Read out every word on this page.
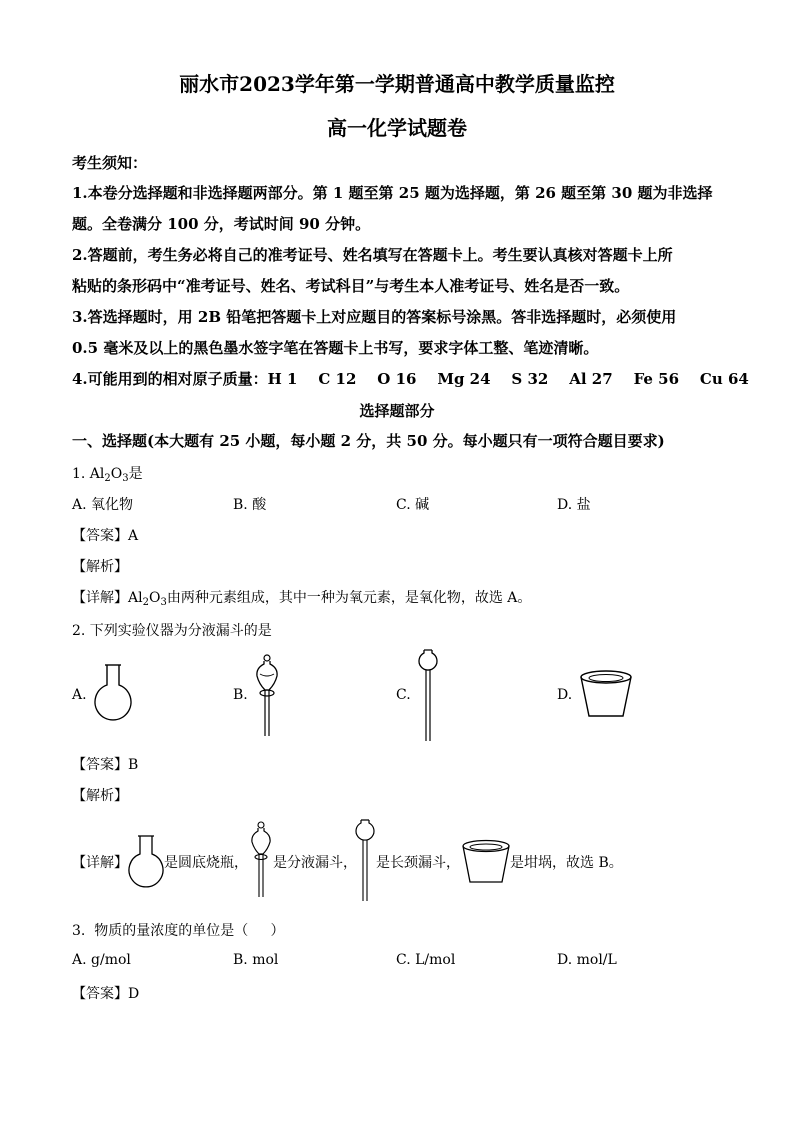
丽水市2023学年第一学期普通高中教学质量监控
高一化学试题卷
考生须知：
1.本卷分选择题和非选择题两部分。第 1 题至第 25 题为选择题，第 26 题至第 30 题为非选择
题。全卷满分 100 分，考试时间 90 分钟。
2.答题前，考生务必将自己的准考证号、姓名填写在答题卡上。考生要认真核对答题卡上所
粘贴的条形码中“准考证号、姓名、考试科目”与考生本人准考证号、姓名是否一致。
3.答选择题时，用 2B 铅笔把答题卡上对应题目的答案标号涂黑。答非选择题时，必须使用
0.5 毫米及以上的黑色墨水签字笔在答题卡上书写，要求字体工整、笔迹清晰。
4.可能用到的相对原子质量：H 1    C 12    O 16    Mg 24    S 32    Al 27    Fe 56    Cu 64
选择题部分
一、选择题(本大题有 25 小题，每小题 2 分，共 50 分。每小题只有一项符合题目要求)
1. $Al_2O_3$是
A. 氧化物	B. 酸	C. 碱	D. 盐
【答案】A
【解析】
【详解】$Al_2O_3$由两种元素组成，其中一种为氧元素，是氧化物，故选 A。
2. 下列实验仪器为分液漏斗的是
A.	B.	C.	D.
【答案】B
【解析】
【详解】	是圆底烧瓶， 是分液漏斗， 是长颈漏斗，	是坩埚，故选 B。
3.  物质的量浓度的单位是（     ）
A. g/mol	B. mol	C. L/mol	D. mol/L
【答案】D
